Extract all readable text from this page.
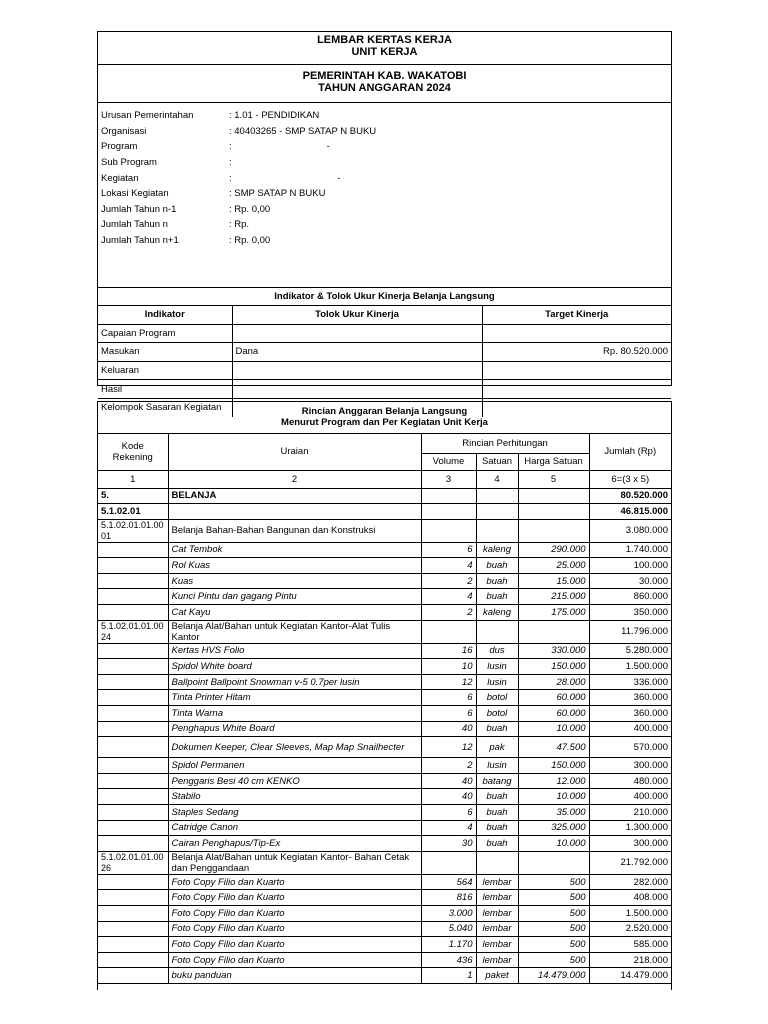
LEMBAR KERTAS KERJA
UNIT KERJA
PEMERINTAH KAB. WAKATOBI
TAHUN ANGGARAN 2024
Urusan Pemerintahan	: 1.01 - PENDIDIKAN
Organisasi	: 40403265 - SMP SATAP N BUKU
Program	:                                    -
Sub Program	:
Kegiatan	:                                        -
Lokasi Kegiatan	: SMP SATAP N BUKU
Jumlah Tahun n-1	: Rp. 0,00
Jumlah Tahun n	: Rp.
Jumlah Tahun n+1	: Rp. 0,00
Indikator & Tolok Ukur Kinerja Belanja Langsung
Indikator	Tolok Ukur Kinerja	Target Kinerja
Capaian Program		
Masukan	Dana	Rp. 80.520.000
Keluaran		
Hasil		
Kelompok Sasaran Kegiatan			Rincian Anggaran Belanja Langsung
Menurut Program dan Per Kegiatan Unit Kerja
Kode Rekening	Uraian	Rincian Perhitungan			Jumlah (Rp)
		Volume	Satuan	Harga Satuan	
1	2	3	4	5	6=(3 x 5)
5.	BELANJA				80.520.000
5.1.02.01					46.815.000
5.1.02.01.01.00 01	Belanja Bahan-Bahan Bangunan dan Konstruksi				3.080.000
	Cat Tembok	6	kaleng	290.000	1.740.000
	Rol Kuas	4	buah	25.000	100.000
	Kuas	2	buah	15.000	30.000
	Kunci Pintu dan gagang Pintu	4	buah	215.000	860.000
	Cat Kayu	2	kaleng	175.000	350.000
5.1.02.01.01.00 24	Belanja Alat/Bahan untuk Kegiatan Kantor-Alat Tulis Kantor				11.796.000
	Kertas HVS Folio	16	dus	330.000	5.280.000
	Spidol White board	10	lusin	150.000	1.500.000
	Ballpoint Ballpoint Snowman v-5 0.7per lusin	12	lusin	28.000	336.000
	Tinta Printer Hitam	6	botol	60.000	360.000
	Tinta Warna	6	botol	60.000	360.000
	Penghapus White Board	40	buah	10.000	400.000
	Dokumen Keeper, Clear Sleeves, Map Map Snailhecter	12	pak	47.500	570.000
	Spidol Permanen	2	lusin	150.000	300.000
	Penggaris Besi 40 cm KENKO	40	batang	12.000	480.000
	Stabilo	40	buah	10.000	400.000
	Staples Sedang	6	buah	35.000	210.000
	Catridge Canon	4	buah	325.000	1.300.000
	Cairan Penghapus/Tip-Ex	30	buah	10.000	300.000
5.1.02.01.01.00 26	Belanja Alat/Bahan untuk Kegiatan Kantor- Bahan Cetak dan Penggandaan				21.792.000
	Foto Copy Filio dan Kuarto	564	lembar	500	282.000
	Foto Copy Filio dan Kuarto	816	lembar	500	408.000
	Foto Copy Filio dan Kuarto	3.000	lembar	500	1.500.000
	Foto Copy Filio dan Kuarto	5.040	lembar	500	2.520.000
	Foto Copy Filio dan Kuarto	1.170	lembar	500	585.000
	Foto Copy Filio dan Kuarto	436	lembar	500	218.000
	buku panduan	1	paket	14.479.000	14.479.000
